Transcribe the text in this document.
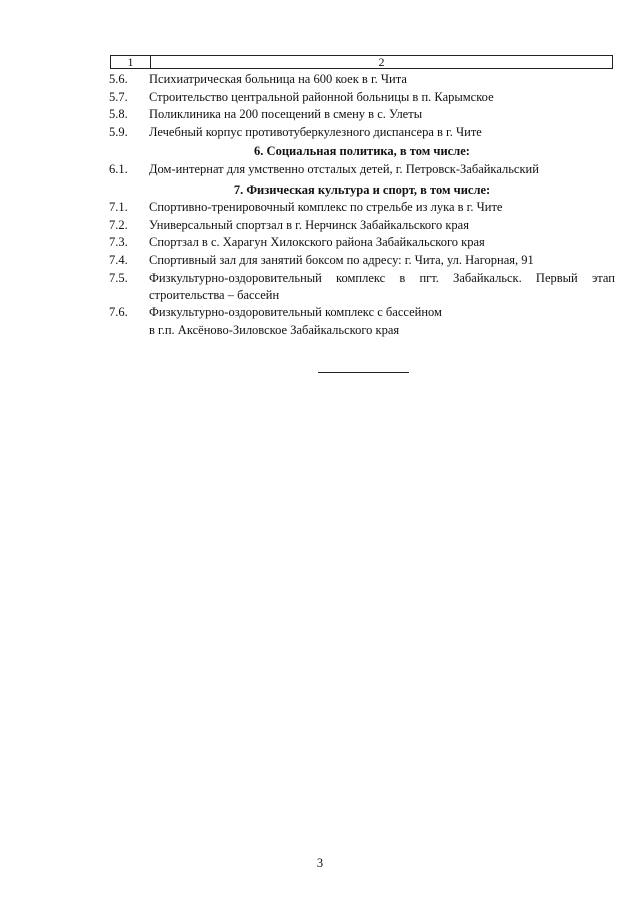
1	2
5.6.	Психиатрическая больница на 600 коек в г. Чита
5.7.	Строительство центральной районной больницы в п. Карымское
5.8.	Поликлиника на 200 посещений в смену в с. Улеты
5.9.	Лечебный корпус противотуберкулезного диспансера в г. Чите
6. Социальная политика, в том числе:
6.1.	Дом-интернат для умственно отсталых детей, г. Петровск-Забайкальский
7. Физическая культура и спорт, в том числе:
7.1.	Спортивно-тренировочный комплекс по стрельбе из лука в г. Чите
7.2.	Универсальный спортзал в г. Нерчинск Забайкальского края
7.3.	Спортзал в с. Харагун Хилокского района Забайкальского края
7.4.	Спортивный зал для занятий боксом по адресу: г. Чита, ул. Нагорная, 91
7.5.	Физкультурно-оздоровительный комплекс в пгт. Забайкальск. Первый этап строительства – бассейн
7.6.	Физкультурно-оздоровительный комплекс с бассейном
в г.п. Аксёново-Зиловское Забайкальского края
3
